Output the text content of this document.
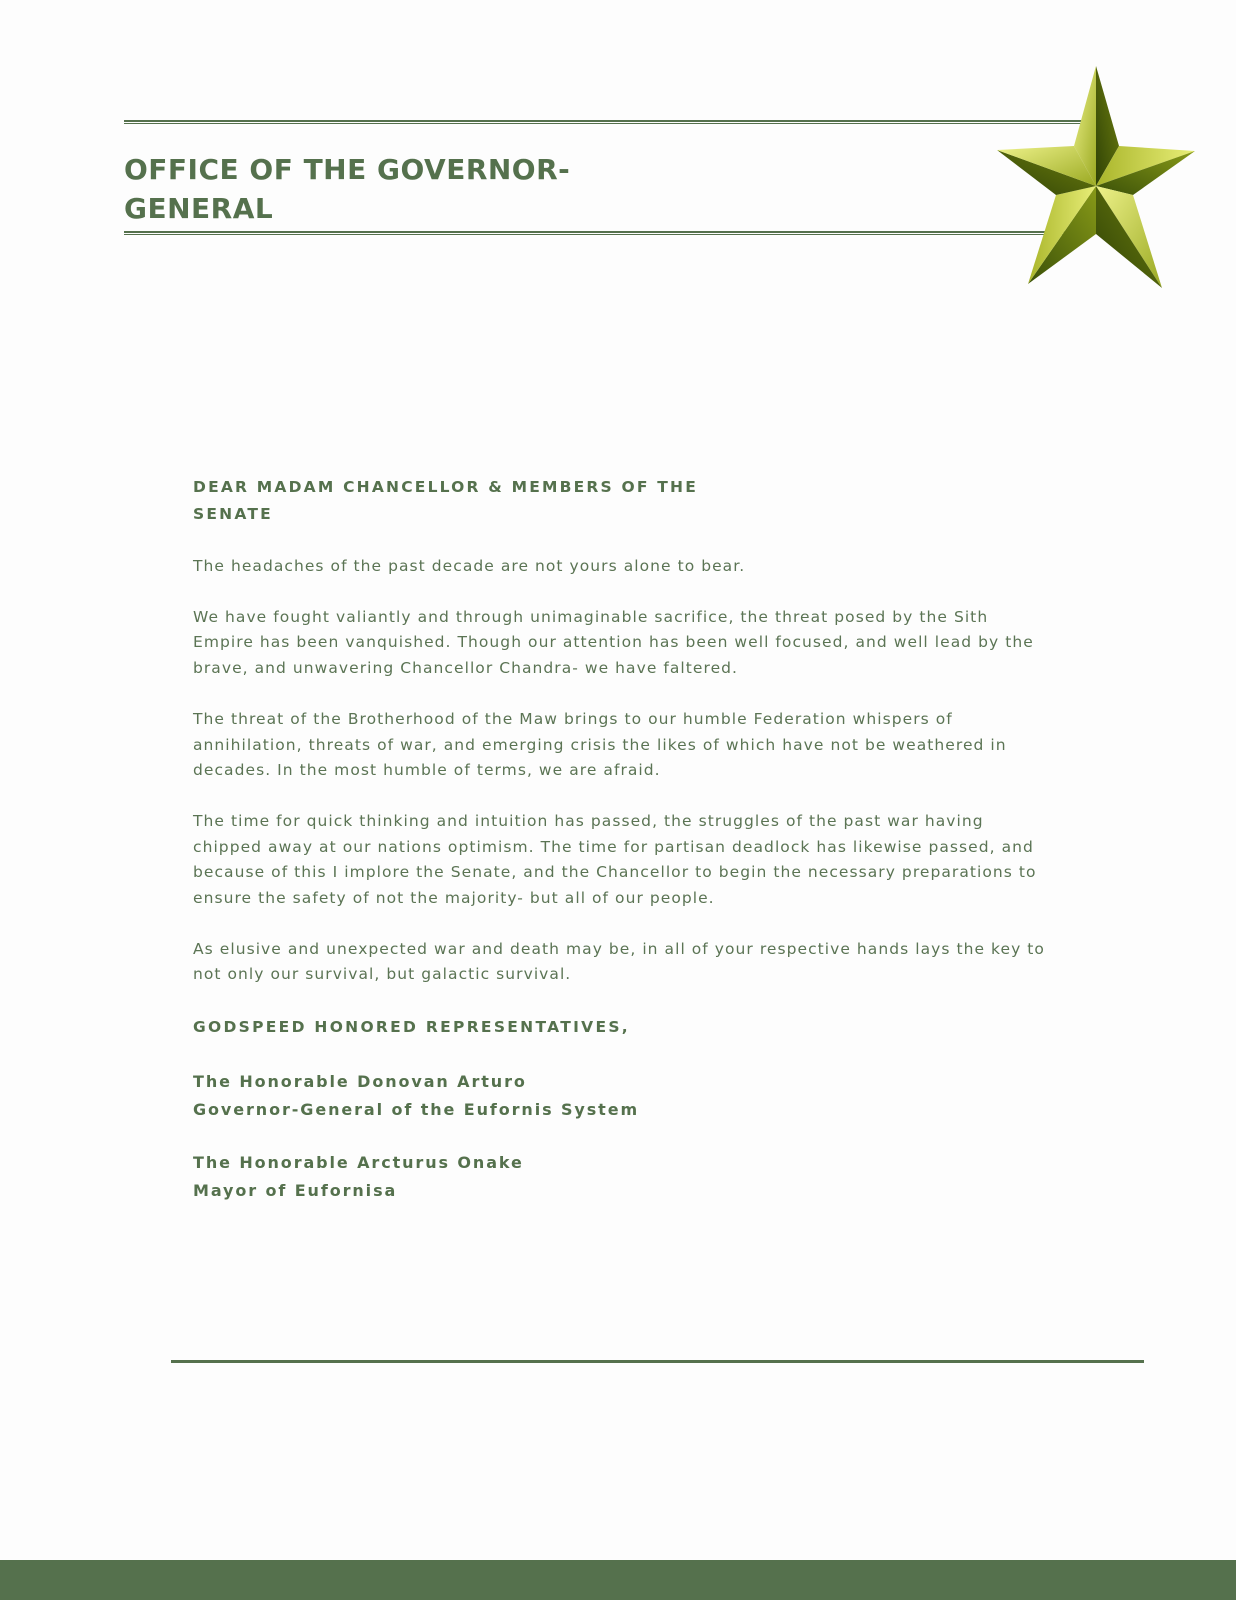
OFFICE OF THE GOVERNOR-GENERAL
DEAR MADAM CHANCELLOR & MEMBERS OF THE SENATE

The headaches of the past decade are not yours alone to bear.

We have fought valiantly and through unimaginable sacrifice, the threat posed by the Sith Empire has been vanquished. Though our attention has been well focused, and well lead by the brave, and unwavering Chancellor Chandra- we have faltered.

The threat of the Brotherhood of the Maw brings to our humble Federation whispers of annihilation, threats of war, and emerging crisis the likes of which have not be weathered in decades. In the most humble of terms, we are afraid.

The time for quick thinking and intuition has passed, the struggles of the past war having chipped away at our nations optimism. The time for partisan deadlock has likewise passed, and because of this I implore the Senate, and the Chancellor to begin the necessary preparations to ensure the safety of not the majority- but all of our people.

As elusive and unexpected war and death may be, in all of your respective hands lays the key to not only our survival, but galactic survival.

GODSPEED HONORED REPRESENTATIVES,
The Honorable Donovan Arturo
Governor-General of the Eufornis System
The Honorable Arcturus Onake
Mayor of Eufornisa
